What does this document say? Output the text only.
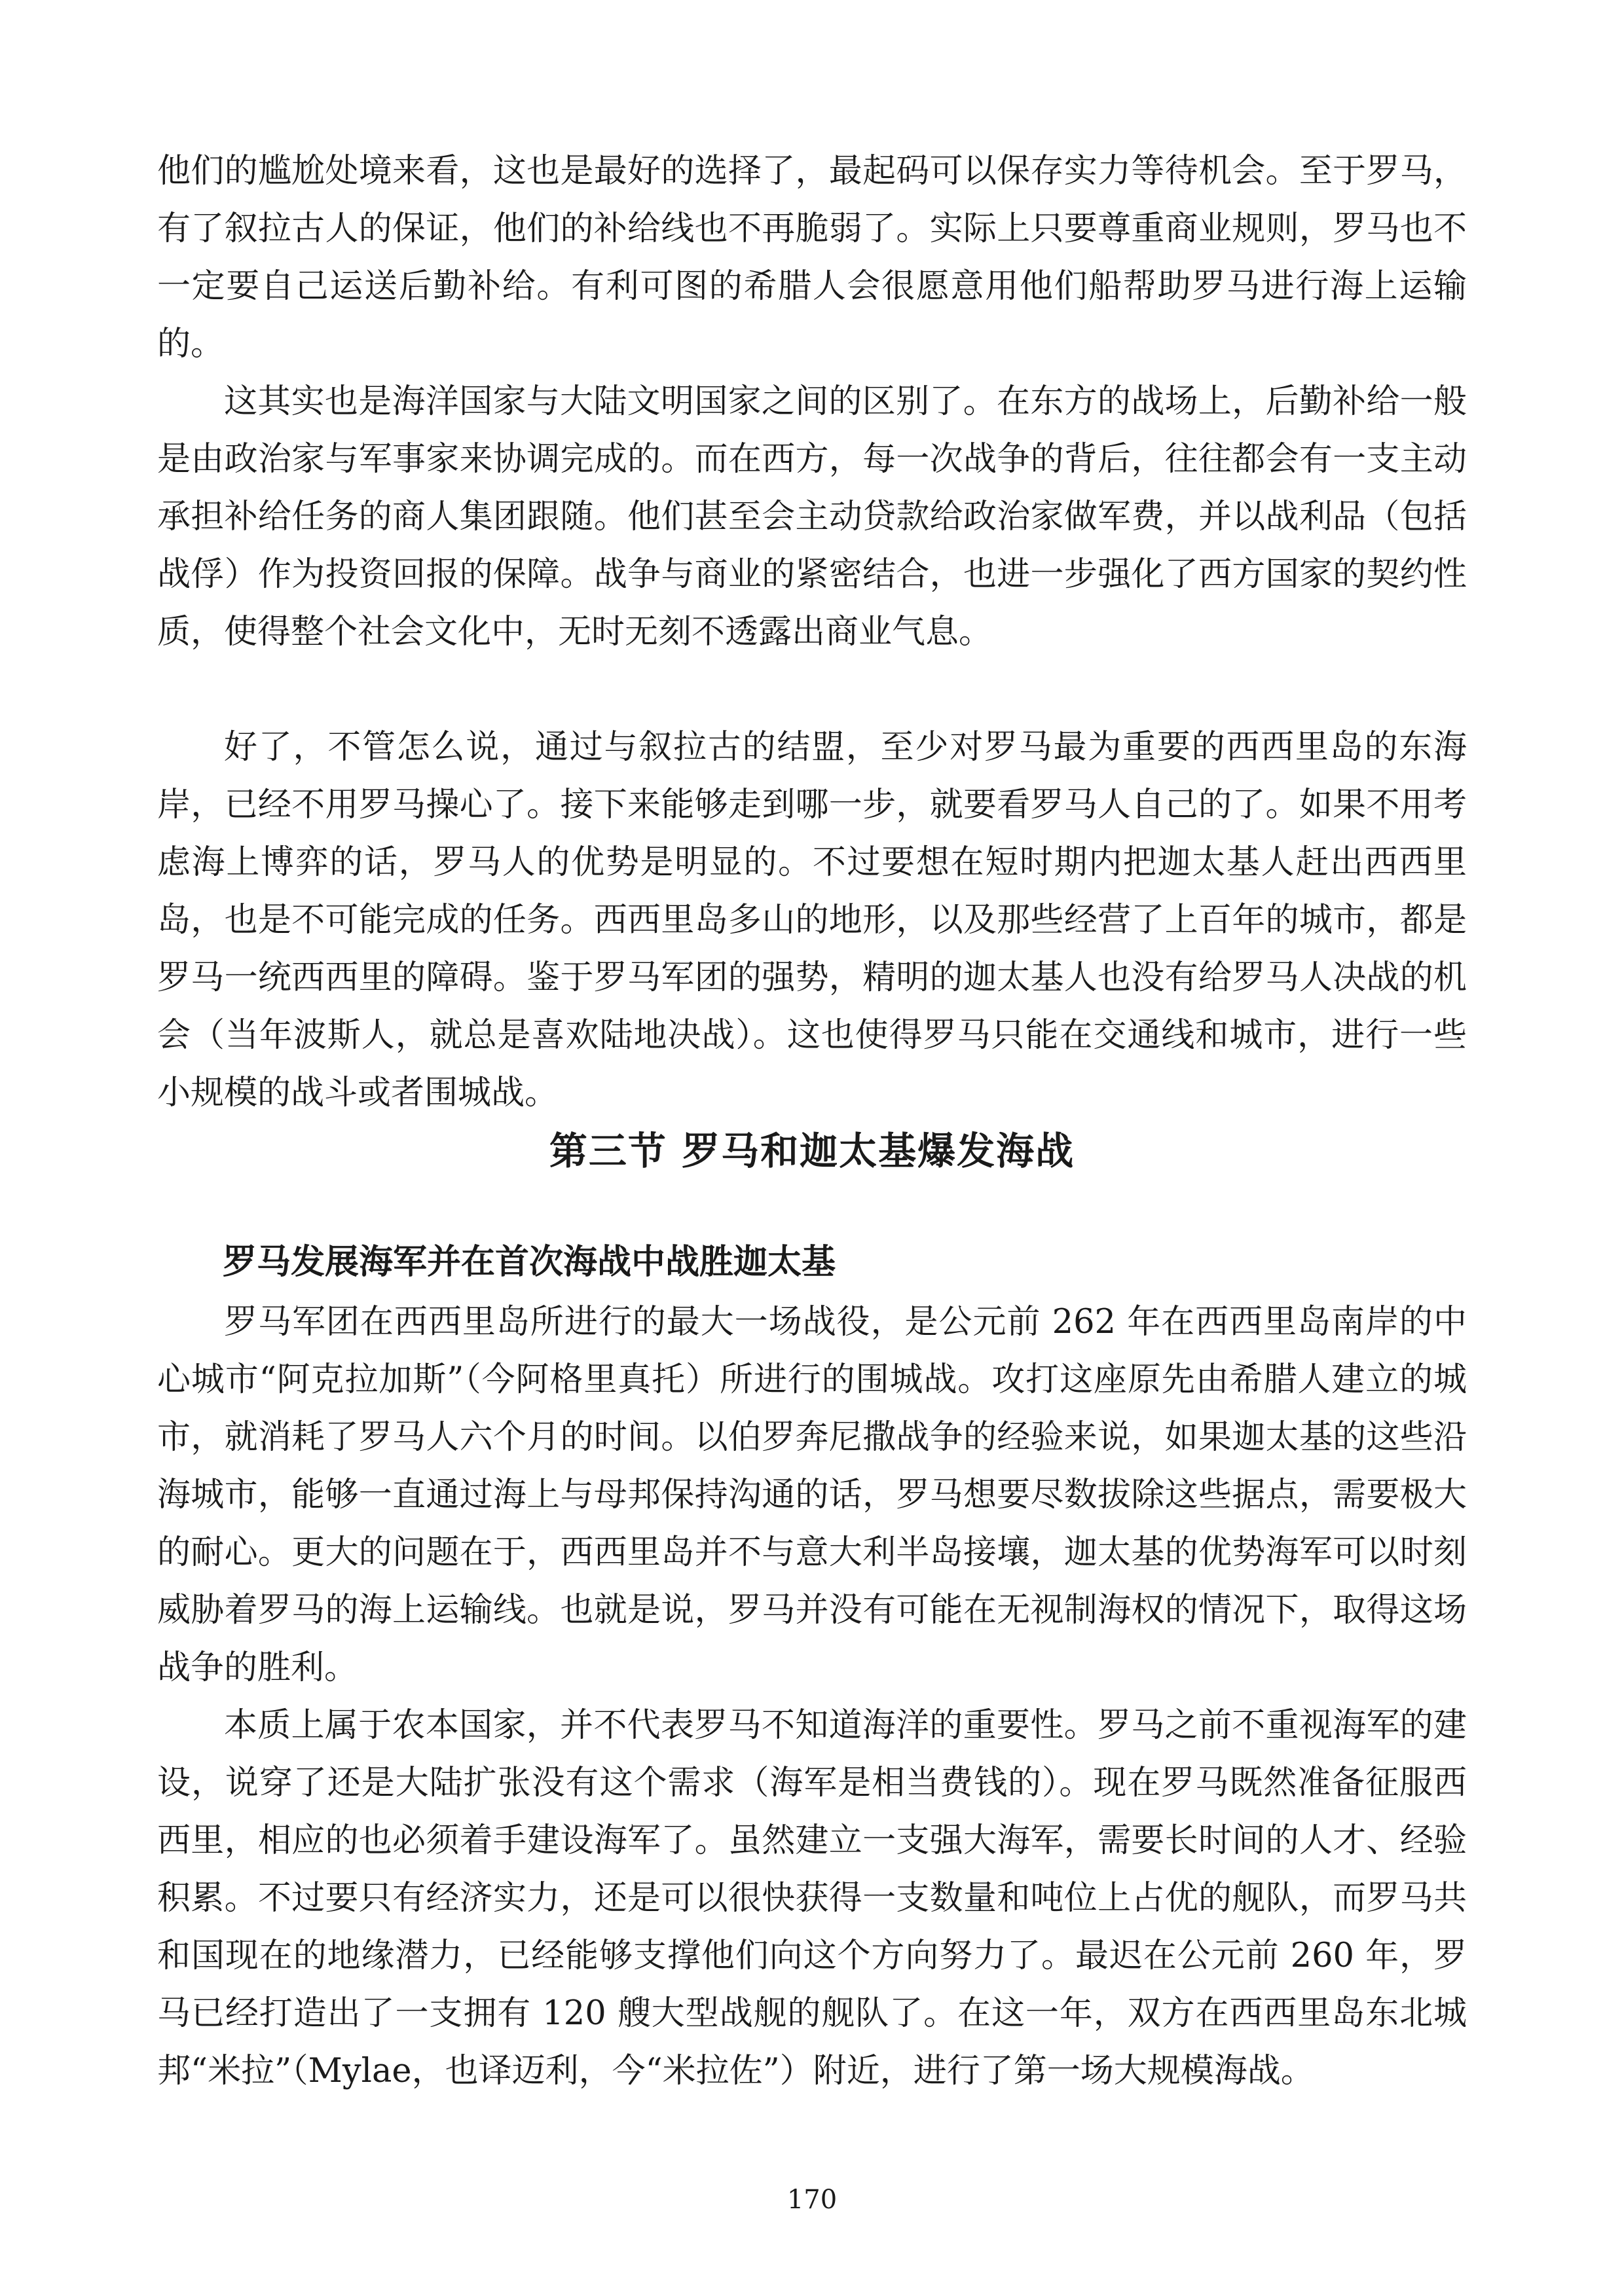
他们的尴尬处境来看，这也是最好的选择了，最起码可以保存实力等待机会。至于罗马，有了叙拉古人的保证，他们的补给线也不再脆弱了。实际上只要尊重商业规则，罗马也不一定要自己运送后勤补给。有利可图的希腊人会很愿意用他们船帮助罗马进行海上运输的。

这其实也是海洋国家与大陆文明国家之间的区别了。在东方的战场上，后勤补给一般是由政治家与军事家来协调完成的。而在西方，每一次战争的背后，往往都会有一支主动承担补给任务的商人集团跟随。他们甚至会主动贷款给政治家做军费，并以战利品（包括战俘）作为投资回报的保障。战争与商业的紧密结合，也进一步强化了西方国家的契约性质，使得整个社会文化中，无时无刻不透露出商业气息。

好了，不管怎么说，通过与叙拉古的结盟，至少对罗马最为重要的西西里岛的东海岸，已经不用罗马操心了。接下来能够走到哪一步，就要看罗马人自己的了。如果不用考虑海上博弈的话，罗马人的优势是明显的。不过要想在短时期内把迦太基人赶出西西里岛，也是不可能完成的任务。西西里岛多山的地形，以及那些经营了上百年的城市，都是罗马一统西西里的障碍。鉴于罗马军团的强势，精明的迦太基人也没有给罗马人决战的机会（当年波斯人，就总是喜欢陆地决战）。这也使得罗马只能在交通线和城市，进行一些小规模的战斗或者围城战。

第三节 罗马和迦太基爆发海战
罗马发展海军并在首次海战中战胜迦太基

罗马军团在西西里岛所进行的最大一场战役，是公元前 262 年在西西里岛南岸的中心城市“阿克拉加斯”（今阿格里真托）所进行的围城战。攻打这座原先由希腊人建立的城市，就消耗了罗马人六个月的时间。以伯罗奔尼撒战争的经验来说，如果迦太基的这些沿海城市，能够一直通过海上与母邦保持沟通的话，罗马想要尽数拔除这些据点，需要极大的耐心。更大的问题在于，西西里岛并不与意大利半岛接壤，迦太基的优势海军可以时刻威胁着罗马的海上运输线。也就是说，罗马并没有可能在无视制海权的情况下，取得这场战争的胜利。

本质上属于农本国家，并不代表罗马不知道海洋的重要性。罗马之前不重视海军的建设，说穿了还是大陆扩张没有这个需求（海军是相当费钱的）。现在罗马既然准备征服西西里，相应的也必须着手建设海军了。虽然建立一支强大海军，需要长时间的人才、经验积累。不过要只有经济实力，还是可以很快获得一支数量和吨位上占优的舰队，而罗马共和国现在的地缘潜力，已经能够支撑他们向这个方向努力了。最迟在公元前 260 年，罗马已经打造出了一支拥有 120 艘大型战舰的舰队了。在这一年，双方在西西里岛东北城邦“米拉”（Mylae，也译迈利，今“米拉佐”）附近，进行了第一场大规模海战。

170
